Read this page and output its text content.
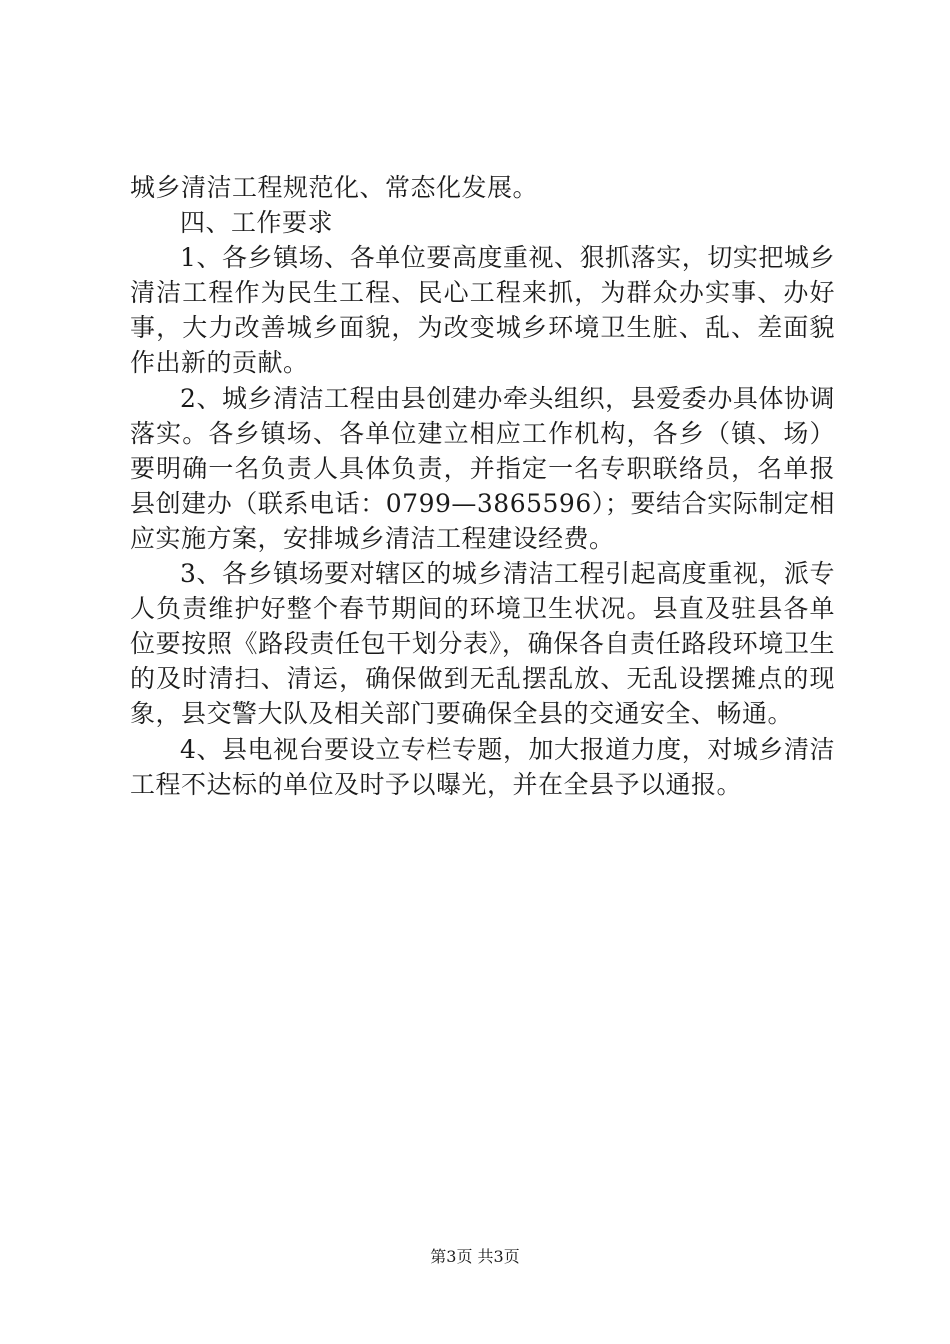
城乡清洁工程规范化、常态化发展。

四、工作要求

1、各乡镇场、各单位要高度重视、狠抓落实，切实把城乡清洁工程作为民生工程、民心工程来抓，为群众办实事、办好事，大力改善城乡面貌，为改变城乡环境卫生脏、乱、差面貌作出新的贡献。

2、城乡清洁工程由县创建办牵头组织，县爱委办具体协调落实。各乡镇场、各单位建立相应工作机构，各乡（镇、场）要明确一名负责人具体负责，并指定一名专职联络员，名单报县创建办（联系电话：0799—3865596）；要结合实际制定相应实施方案，安排城乡清洁工程建设经费。

3、各乡镇场要对辖区的城乡清洁工程引起高度重视，派专人负责维护好整个春节期间的环境卫生状况。县直及驻县各单位要按照《路段责任包干划分表》，确保各自责任路段环境卫生的及时清扫、清运，确保做到无乱摆乱放、无乱设摆摊点的现象，县交警大队及相关部门要确保全县的交通安全、畅通。

4、县电视台要设立专栏专题，加大报道力度，对城乡清洁工程不达标的单位及时予以曝光，并在全县予以通报。

第3页 共3页
